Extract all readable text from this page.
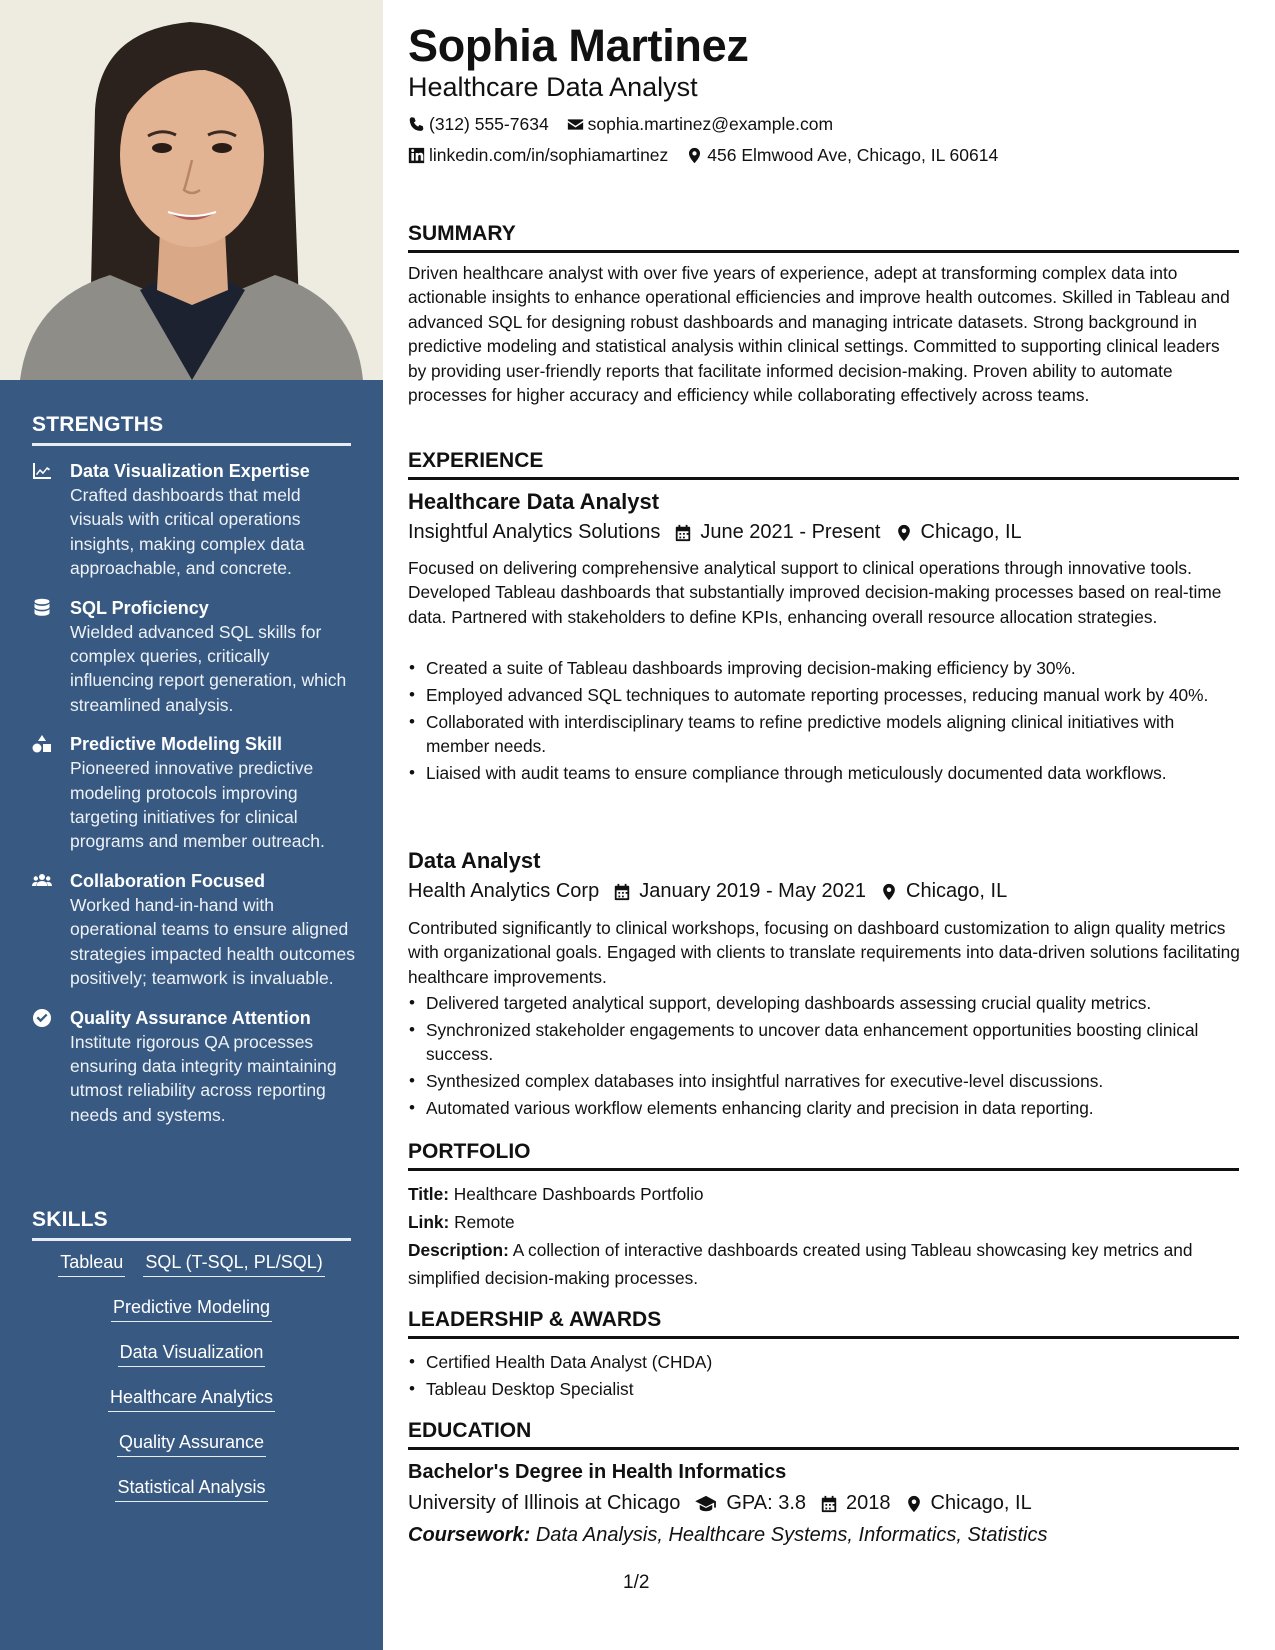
STRENGTHS
Data Visualization Expertise
Crafted dashboards that meld visuals with critical operations insights, making complex data approachable, and concrete.
SQL Proficiency
Wielded advanced SQL skills for complex queries, critically influencing report generation, which streamlined analysis.
Predictive Modeling Skill
Pioneered innovative predictive modeling protocols improving targeting initiatives for clinical programs and member outreach.
Collaboration Focused
Worked hand-in-hand with operational teams to ensure aligned strategies impacted health outcomes positively; teamwork is invaluable.
Quality Assurance Attention
Institute rigorous QA processes ensuring data integrity maintaining utmost reliability across reporting needs and systems.
SKILLS
Tableau SQL (T-SQL, PL/SQL)
Predictive Modeling
Data Visualization
Healthcare Analytics
Quality Assurance
Statistical Analysis
Sophia Martinez
Healthcare Data Analyst
(312) 555-7634 sophia.martinez@example.com
linkedin.com/in/sophiamartinez 456 Elmwood Ave, Chicago, IL 60614
SUMMARY
Driven healthcare analyst with over five years of experience, adept at transforming complex data into actionable insights to enhance operational efficiencies and improve health outcomes. Skilled in Tableau and advanced SQL for designing robust dashboards and managing intricate datasets. Strong background in predictive modeling and statistical analysis within clinical settings. Committed to supporting clinical leaders by providing user-friendly reports that facilitate informed decision-making. Proven ability to automate processes for higher accuracy and efficiency while collaborating effectively across teams.
EXPERIENCE
Healthcare Data Analyst
Insightful Analytics Solutions June 2021 - Present Chicago, IL
Focused on delivering comprehensive analytical support to clinical operations through innovative tools. Developed Tableau dashboards that substantially improved decision-making processes based on real-time data. Partnered with stakeholders to define KPIs, enhancing overall resource allocation strategies.
• Created a suite of Tableau dashboards improving decision-making efficiency by 30%.
• Employed advanced SQL techniques to automate reporting processes, reducing manual work by 40%.
• Collaborated with interdisciplinary teams to refine predictive models aligning clinical initiatives with member needs.
• Liaised with audit teams to ensure compliance through meticulously documented data workflows.
Data Analyst
Health Analytics Corp January 2019 - May 2021 Chicago, IL
Contributed significantly to clinical workshops, focusing on dashboard customization to align quality metrics with organizational goals. Engaged with clients to translate requirements into data-driven solutions facilitating healthcare improvements.
• Delivered targeted analytical support, developing dashboards assessing crucial quality metrics.
• Synchronized stakeholder engagements to uncover data enhancement opportunities boosting clinical success.
• Synthesized complex databases into insightful narratives for executive-level discussions.
• Automated various workflow elements enhancing clarity and precision in data reporting.
PORTFOLIO
Title: Healthcare Dashboards Portfolio
Link: Remote
Description: A collection of interactive dashboards created using Tableau showcasing key metrics and simplified decision-making processes.
LEADERSHIP & AWARDS
• Certified Health Data Analyst (CHDA)
• Tableau Desktop Specialist
EDUCATION
Bachelor's Degree in Health Informatics
University of Illinois at Chicago GPA: 3.8 2018 Chicago, IL
Coursework: Data Analysis, Healthcare Systems, Informatics, Statistics
1/2
